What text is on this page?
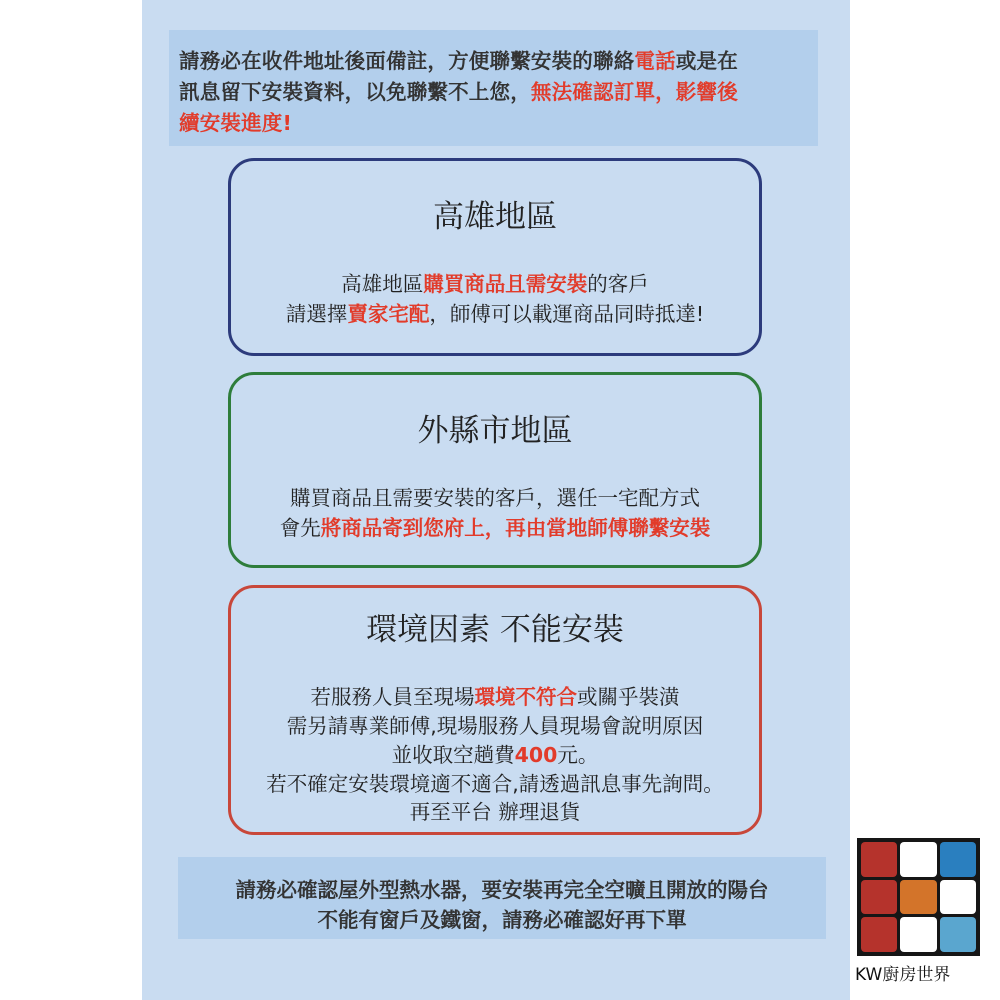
請務必在收件地址後面備註，方便聯繫安裝的聯絡電話或是在
訊息留下安裝資料，以免聯繫不上您，無法確認訂單，影響後
續安裝進度!
高雄地區
高雄地區購買商品且需安裝的客戶
請選擇賣家宅配，師傅可以載運商品同時抵達!
外縣市地區
購買商品且需要安裝的客戶，選任一宅配方式
會先將商品寄到您府上，再由當地師傅聯繫安裝
環境因素 不能安裝
若服務人員至現場環境不符合或關乎裝潢
需另請專業師傅,現場服務人員現場會說明原因
並收取空趟費400元。
若不確定安裝環境適不適合,請透過訊息事先詢問。
再至平台 辦理退貨
請務必確認屋外型熱水器，要安裝再完全空曠且開放的陽台
不能有窗戶及鐵窗，請務必確認好再下單
KW廚房世界
